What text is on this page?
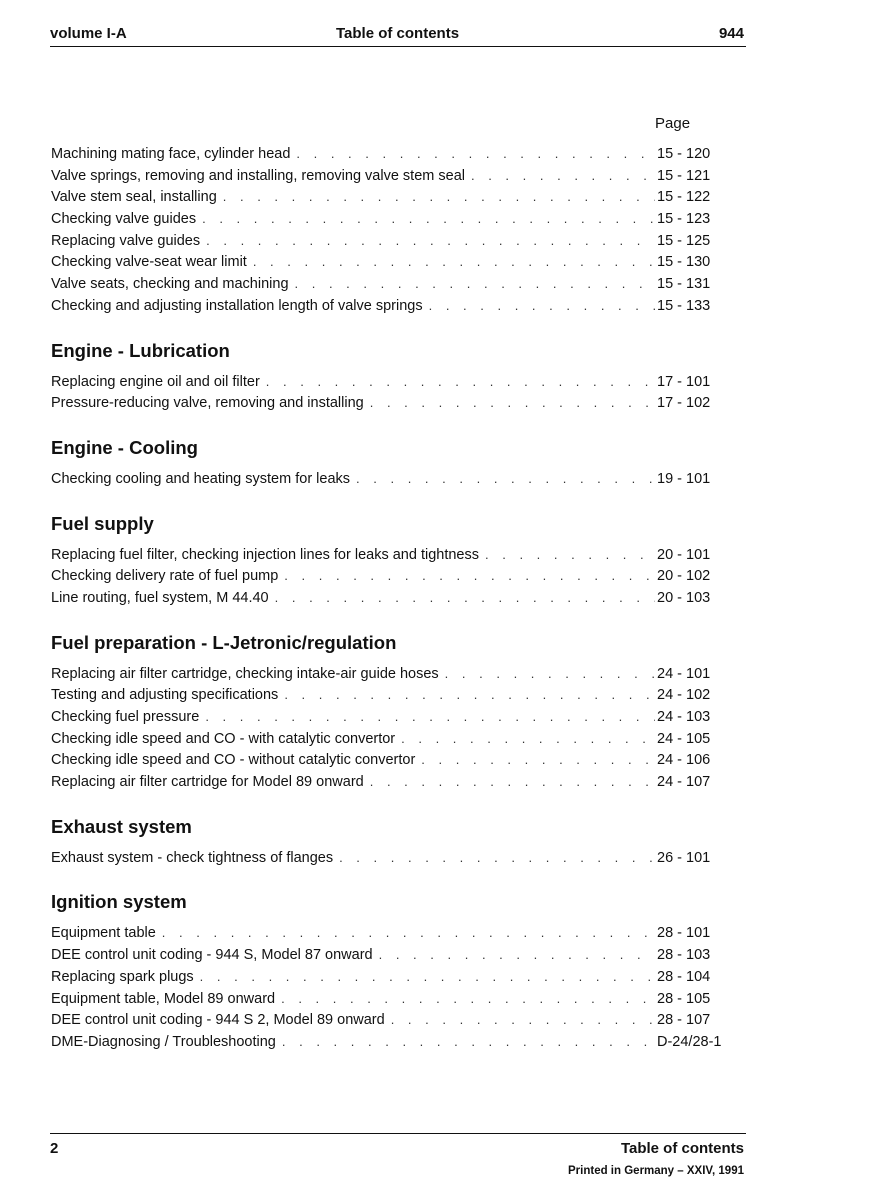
volume I-A	Table of contents	944
Page
Machining mating face, cylinder head . . .	15 - 120
Valve springs, removing and installing, removing valve stem seal . . .	15 - 121
Valve stem seal, installing . . .	15 - 122
Checking valve guides . . .	15 - 123
Replacing valve guides . . .	15 - 125
Checking valve-seat wear limit . . .	15 - 130
Valve seats, checking and machining . . .	15 - 131
Checking and adjusting installation length of valve springs . . .	15 - 133
Engine - Lubrication
Replacing engine oil and oil filter . . .	17 - 101
Pressure-reducing valve, removing and installing . . .	17 - 102
Engine - Cooling
Checking cooling and heating system for leaks . . .	19 - 101
Fuel supply
Replacing fuel filter, checking injection lines for leaks and tightness . . .	20 - 101
Checking delivery rate of fuel pump . . .	20 - 102
Line routing, fuel system, M 44.40 . . .	20 - 103
Fuel preparation - L-Jetronic/regulation
Replacing air filter cartridge, checking intake-air guide hoses . . .	24 - 101
Testing and adjusting specifications . . .	24 - 102
Checking fuel pressure . . .	24 - 103
Checking idle speed and CO - with catalytic convertor . . .	24 - 105
Checking idle speed and CO - without catalytic convertor . . .	24 - 106
Replacing air filter cartridge for Model 89 onward . . .	24 - 107
Exhaust system
Exhaust system - check tightness of flanges . . .	26 - 101
Ignition system
Equipment table . . .	28 - 101
DEE control unit coding - 944 S, Model 87 onward . . .	28 - 103
Replacing spark plugs . . .	28 - 104
Equipment table, Model 89 onward . . .	28 - 105
DEE control unit coding - 944 S 2, Model 89 onward . . .	28 - 107
DME-Diagnosing / Troubleshooting . . .	D-24/28-1
2	Table of contents
Printed in Germany – XXIV, 1991
